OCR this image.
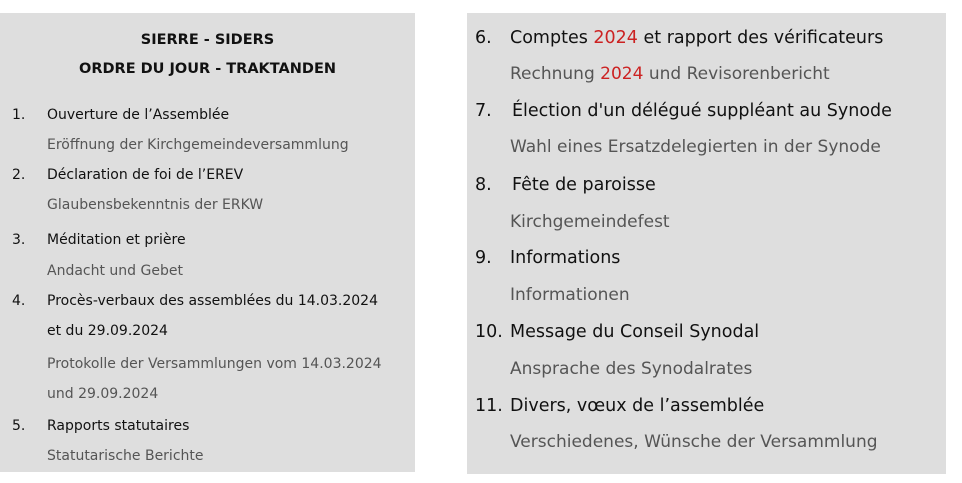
SIERRE - SIDERS
ORDRE DU JOUR - TRAKTANDEN
1. Ouverture de l’Assemblée
Eröffnung der Kirchgemeindeversammlung
2. Déclaration de foi de l’EREV
Glaubensbekenntnis der ERKW
3. Méditation et prière
Andacht und Gebet
4. Procès-verbaux des assemblées du 14.03.2024
et du 29.09.2024
Protokolle der Versammlungen vom 14.03.2024
und 29.09.2024
5. Rapports statutaires
Statutarische Berichte
6. Comptes 2024 et rapport des vérificateurs
Rechnung 2024 und Revisorenbericht
7. Élection d'un délégué suppléant au Synode
Wahl eines Ersatzdelegierten in der Synode
8. Fête de paroisse
Kirchgemeindefest
9. Informations
Informationen
10. Message du Conseil Synodal
Ansprache des Synodalrates
11. Divers, vœux de l’assemblée
Verschiedenes, Wünsche der Versammlung
